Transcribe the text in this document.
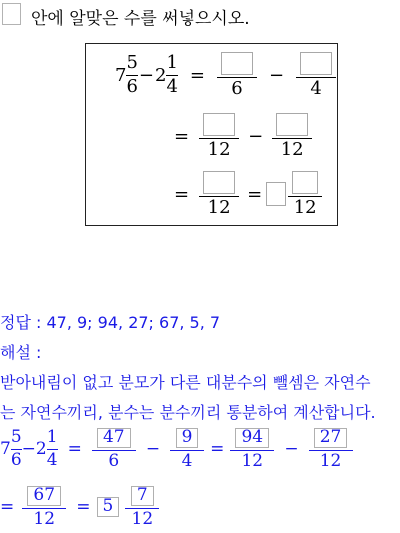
안에 알맞은 수를 써넣으시오.
$7 \frac{5}{6} - 2 \frac{1}{4}$ =
6
−
4
=
12
−
12
=
12
=
12
정답 : 47, 9; 94, 27; 67, 5, 7
해설 :
받아내림이 없고 분모가 다른 대분수의 뺄셈은 자연수
는 자연수끼리, 분수는 분수끼리 통분하여 계산합니다.
$7 \frac{5}{6} - 2 \frac{1}{4} = \frac{47}{6} - \frac{9}{4} = \frac{94}{12} - \frac{27}{12}$
= $\frac{67}{12} = 5 \frac{7}{12}$
